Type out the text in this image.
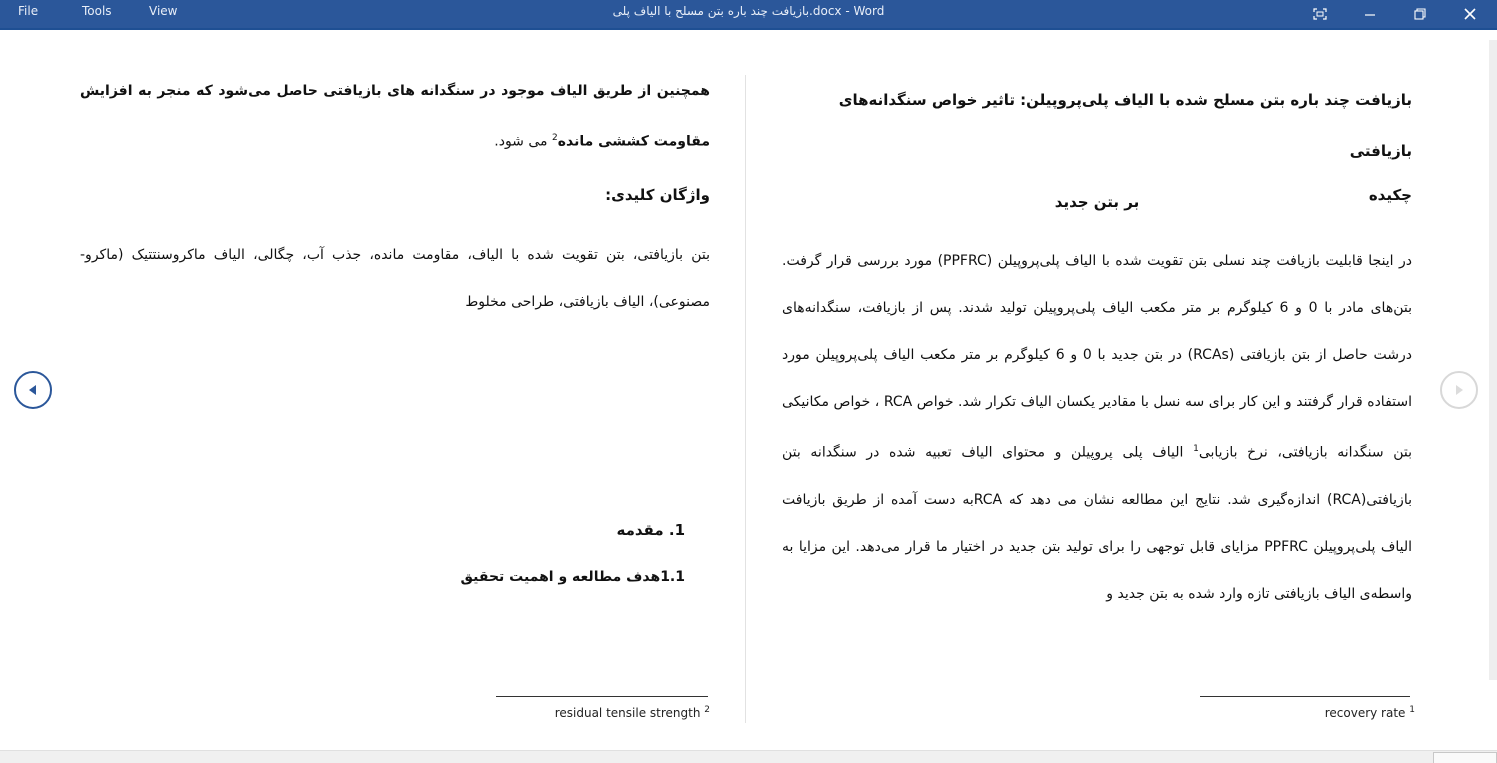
File	Tools	View	بازیافت چند باره بتن مسلح با الیاف پلی.docx - Word
بازیافت چند باره بتن مسلح شده با الیاف پلی‌پروپیلن: تاثیر خواص سنگدانه‌های بازیافتی
بر بتن جدید	چکیده
در اینجا قابلیت بازیافت چند نسلی بتن تقویت شده با الیاف پلی‌پروپیلن (PPFRC) مورد بررسی قرار گرفت. بتن‌های مادر با 0 و 6 کیلوگرم بر متر مکعب الیاف پلی‌پروپیلن تولید شدند. پس از بازیافت، سنگدانه‌های درشت حاصل از بتن بازیافتی (RCAs) در بتن جدید با 0 و 6 کیلوگرم بر متر مکعب الیاف پلی‌پروپیلن مورد استفاده قرار گرفتند و این کار برای سه نسل با مقادیر یکسان الیاف تکرار شد. خواص RCA ، خواص مکانیکی بتن سنگدانه بازیافتی، نرخ بازیابی$^1$ الیاف پلی پروپیلن و محتوای الیاف تعبیه شده در سنگدانه بتن بازیافتی(RCA) اندازه‌گیری شد. نتایج این مطالعه نشان می دهد که RCAبه دست آمده از طریق بازیافت الیاف پلی‌پروپیلن PPFRC مزایای قابل توجهی را برای تولید بتن جدید در اختیار ما قرار می‌دهد. این مزایا به واسطه‌ی الیاف بازیافتی تازه وارد شده به بتن جدید و
recovery rate $^1$
همچنین از طریق الیاف موجود در سنگدانه های بازیافتی حاصل می‌شود که منجر به افزایش مقاومت کششی مانده$^2$ می شود.
واژگان کلیدی:
بتن بازیافتی، بتن تقویت شده با الیاف، مقاومت مانده، جذب آب، چگالی، الیاف ماکروسنتتیک (ماکرو-مصنوعی)، الیاف بازیافتی، طراحی مخلوط
1. مقدمه
1.1هدف مطالعه و اهمیت تحقیق
residual tensile strength $^2$
